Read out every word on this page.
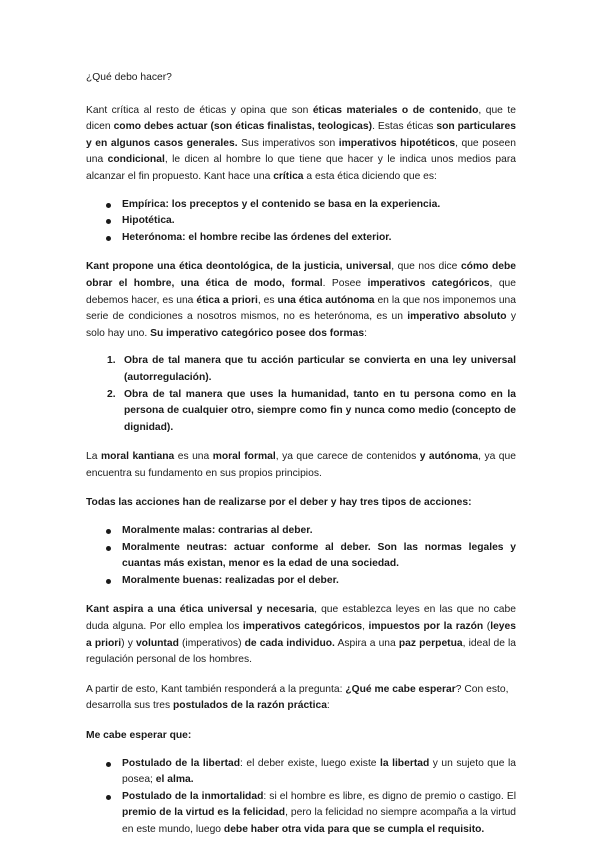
¿Qué debo hacer?

Kant crítica al resto de éticas y opina que son éticas materiales o de contenido, que te dicen como debes actuar (son éticas finalistas, teologicas). Estas éticas son particulares y en algunos casos generales. Sus imperativos son imperativos hipotéticos, que poseen una condicional, le dicen al hombre lo que tiene que hacer y le indica unos medios para alcanzar el fin propuesto. Kant hace una crítica a esta ética diciendo que es:

Empírica: los preceptos y el contenido se basa en la experiencia.
Hipotética.
Heterónoma: el hombre recibe las órdenes del exterior.

Kant propone una ética deontológica, de la justicia, universal, que nos dice cómo debe obrar el hombre, una ética de modo, formal. Posee imperativos categóricos, que debemos hacer, es una ética a priori, es una ética autónoma en la que nos imponemos una serie de condiciones a nosotros mismos, no es heterónoma, es un imperativo absoluto y solo hay uno. Su imperativo categórico posee dos formas:

1. Obra de tal manera que tu acción particular se convierta en una ley universal (autorregulación).
2. Obra de tal manera que uses la humanidad, tanto en tu persona como en la persona de cualquier otro, siempre como fin y nunca como medio (concepto de dignidad).

La moral kantiana es una moral formal, ya que carece de contenidos y autónoma, ya que encuentra su fundamento en sus propios principios.

Todas las acciones han de realizarse por el deber y hay tres tipos de acciones:

Moralmente malas: contrarias al deber.
Moralmente neutras: actuar conforme al deber. Son las normas legales y cuantas más existan, menor es la edad de una sociedad.
Moralmente buenas: realizadas por el deber.

Kant aspira a una ética universal y necesaria, que establezca leyes en las que no cabe duda alguna. Por ello emplea los imperativos categóricos, impuestos por la razón (leyes a priori) y voluntad (imperativos) de cada individuo. Aspira a una paz perpetua, ideal de la regulación personal de los hombres.

A partir de esto, Kant también responderá a la pregunta: ¿Qué me cabe esperar? Con esto, desarrolla sus tres postulados de la razón práctica:

Me cabe esperar que:

Postulado de la libertad: el deber existe, luego existe la libertad y un sujeto que la posea; el alma.
Postulado de la inmortalidad: si el hombre es libre, es digno de premio o castigo. El premio de la virtud es la felicidad, pero la felicidad no siempre acompaña a la virtud en este mundo, luego debe haber otra vida para que se cumpla el requisito.
